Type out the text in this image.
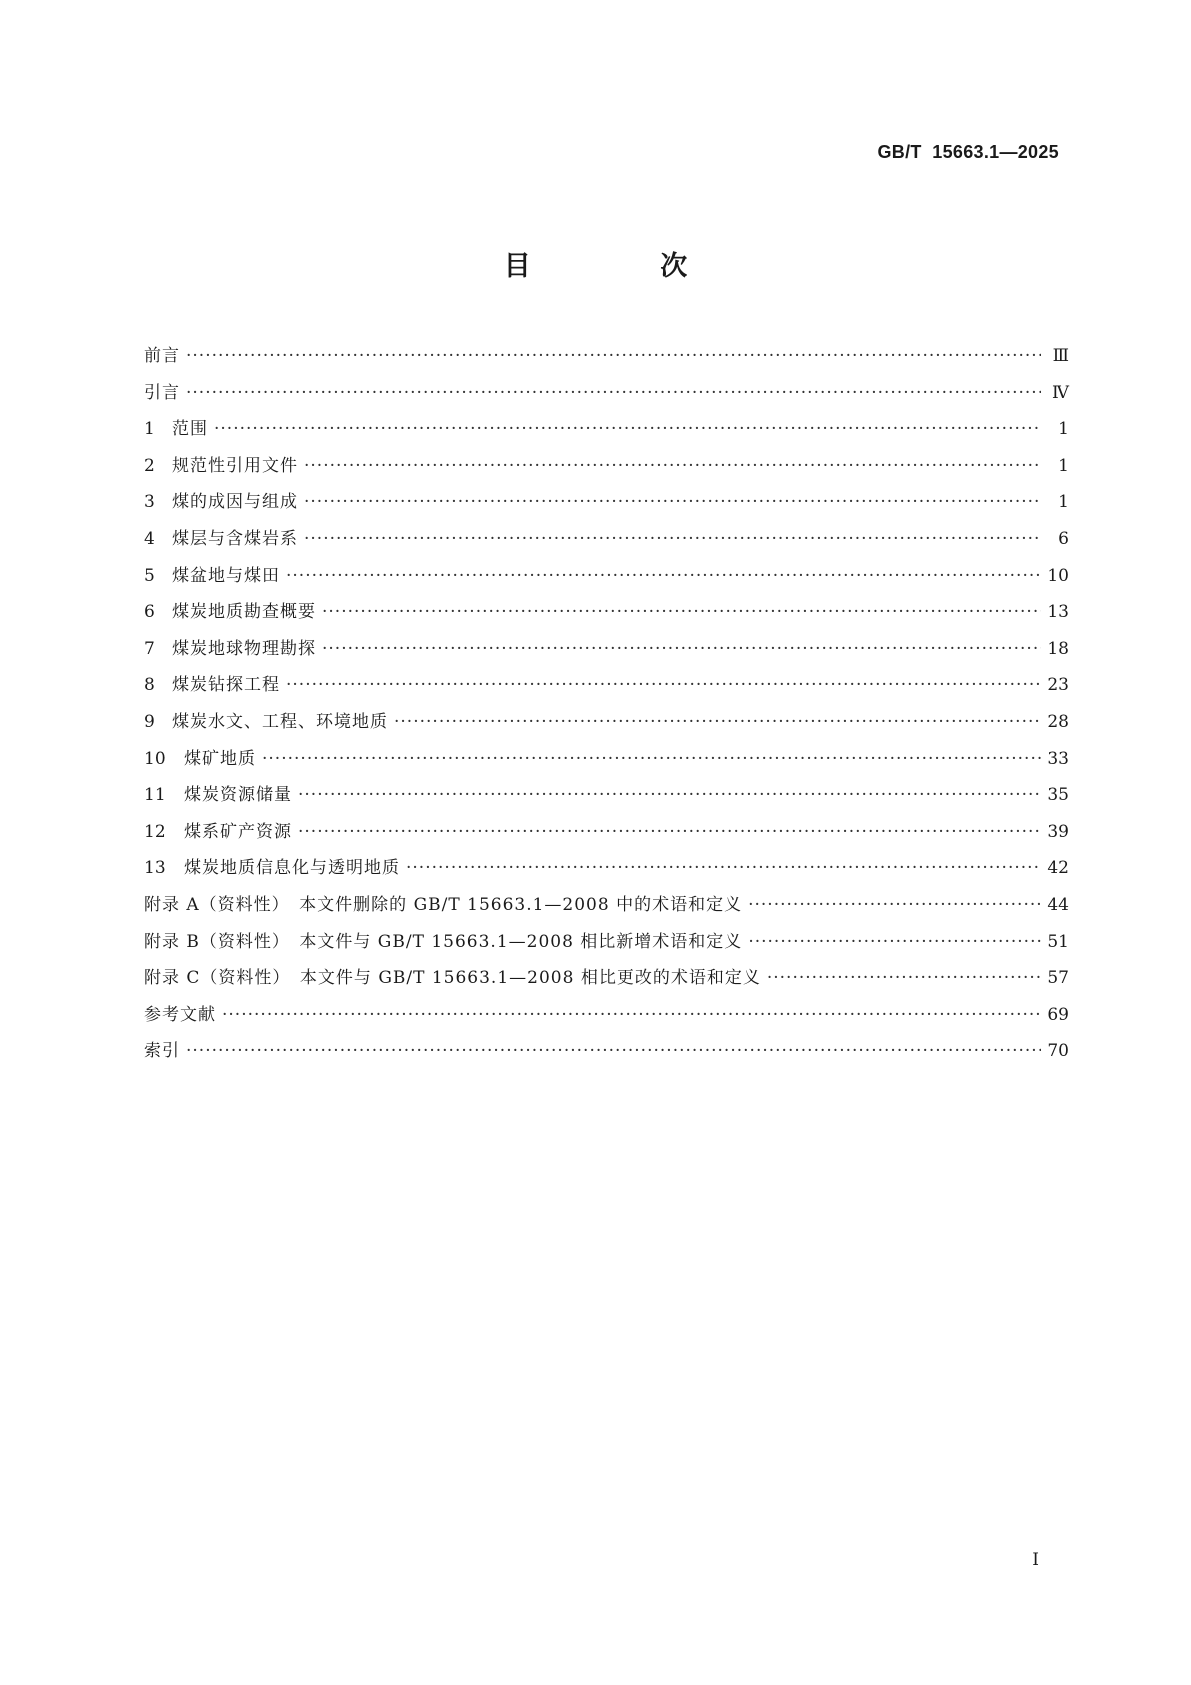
GB/T  15663.1—2025
目 次
前言 ·····	Ⅲ
引言 ·····	Ⅳ
1	范围 ·····	1
2	规范性引用文件 ·····	1
3	煤的成因与组成 ·····	1
4	煤层与含煤岩系 ·····	6
5	煤盆地与煤田 ·····	10
6	煤炭地质勘查概要 ·····	13
7	煤炭地球物理勘探 ·····	18
8	煤炭钻探工程 ·····	23
9	煤炭水文、工程、环境地质 ·····	28
10	煤矿地质 ·····	33
11	煤炭资源储量 ·····	35
12	煤系矿产资源 ·····	39
13	煤炭地质信息化与透明地质 ·····	42
附录 A（资料性）　本文件删除的 GB/T 15663.1—2008 中的术语和定义 ·····	44
附录 B（资料性）　本文件与 GB/T 15663.1—2008 相比新增术语和定义 ·····	51
附录 C（资料性）　本文件与 GB/T 15663.1—2008 相比更改的术语和定义 ·····	57
参考文献 ·····	69
索引 ·····	70
I
